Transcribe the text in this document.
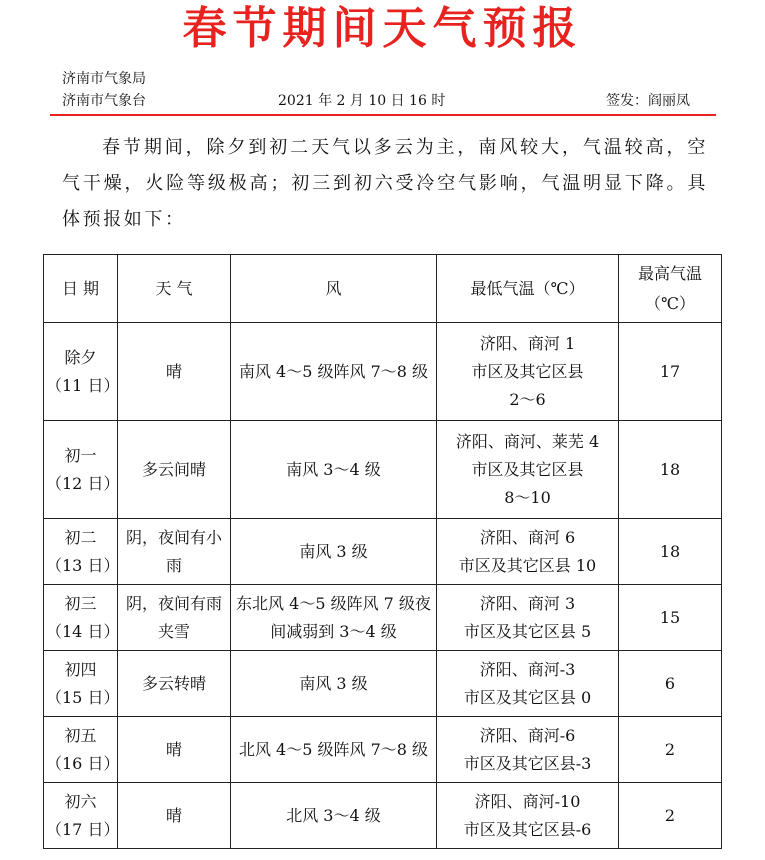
春节期间天气预报
济南市气象局
济南市气象台	2021 年 2 月 10 日 16 时	签发：阎丽凤

春节期间，除夕到初二天气以多云为主，南风较大，气温较高，空气干燥，火险等级极高；初三到初六受冷空气影响，气温明显下降。具体预报如下：

日 期	天 气	风	最低气温（℃）	最高气温
（℃）

除夕
（11 日）	晴	南风 4～5 级阵风 7～8 级	济阳、商河 1
市区及其它区县
2～6	17

初一
（12 日）	多云间晴	南风 3～4 级	济阳、商河、莱芜 4
市区及其它区县
8～10	18

初二
（13 日）	阴，夜间有小雨	南风 3 级	济阳、商河 6
市区及其它区县 10	18

初三
（14 日）	阴，夜间有雨夹雪	东北风 4～5 级阵风 7 级夜间减弱到 3～4 级	济阳、商河 3
市区及其它区县 5	15

初四
（15 日）	多云转晴	南风 3 级	济阳、商河-3
市区及其它区县 0	6

初五
（16 日）	晴	北风 4～5 级阵风 7～8 级	济阳、商河-6
市区及其它区县-3	2

初六
（17 日）	晴	北风 3～4 级	济阳、商河-10
市区及其它区县-6	2
